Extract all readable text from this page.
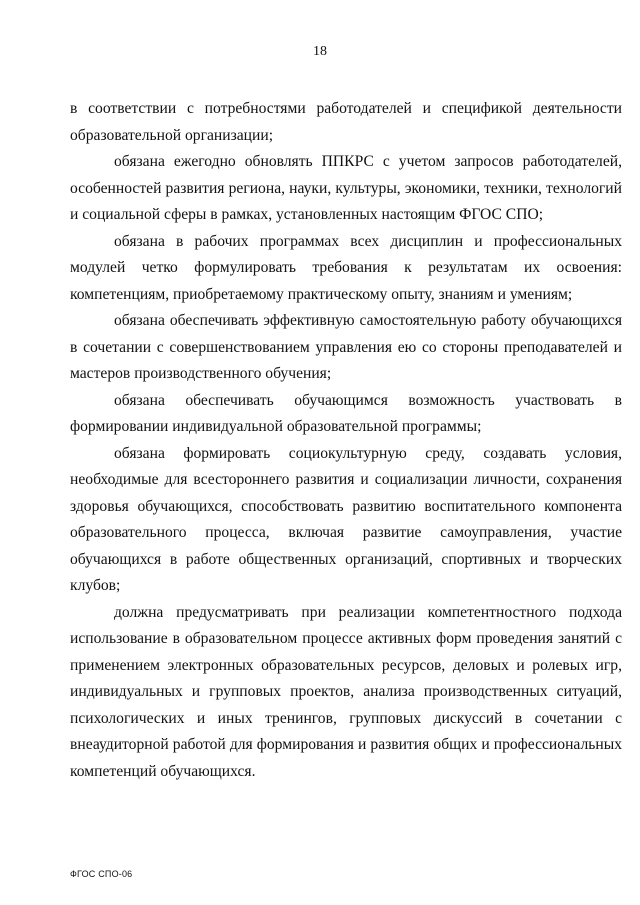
18

в соответствии с потребностями работодателей и спецификой деятельности образовательной организации;

обязана ежегодно обновлять ППКРС с учетом запросов работодателей, особенностей развития региона, науки, культуры, экономики, техники, технологий и социальной сферы в рамках, установленных настоящим ФГОС СПО;

обязана в рабочих программах всех дисциплин и профессиональных модулей четко формулировать требования к результатам их освоения: компетенциям, приобретаемому практическому опыту, знаниям и умениям;

обязана обеспечивать эффективную самостоятельную работу обучающихся в сочетании с совершенствованием управления ею со стороны преподавателей и мастеров производственного обучения;

обязана обеспечивать обучающимся возможность участвовать в формировании индивидуальной образовательной программы;

обязана формировать социокультурную среду, создавать условия, необходимые для всестороннего развития и социализации личности, сохранения здоровья обучающихся, способствовать развитию воспитательного компонента образовательного процесса, включая развитие самоуправления, участие обучающихся в работе общественных организаций, спортивных и творческих клубов;

должна предусматривать при реализации компетентностного подхода использование в образовательном процессе активных форм проведения занятий с применением электронных образовательных ресурсов, деловых и ролевых игр, индивидуальных и групповых проектов, анализа производственных ситуаций, психологических и иных тренингов, групповых дискуссий в сочетании с внеаудиторной работой для формирования и развития общих и профессиональных компетенций обучающихся.

ФГОС СПО-06
